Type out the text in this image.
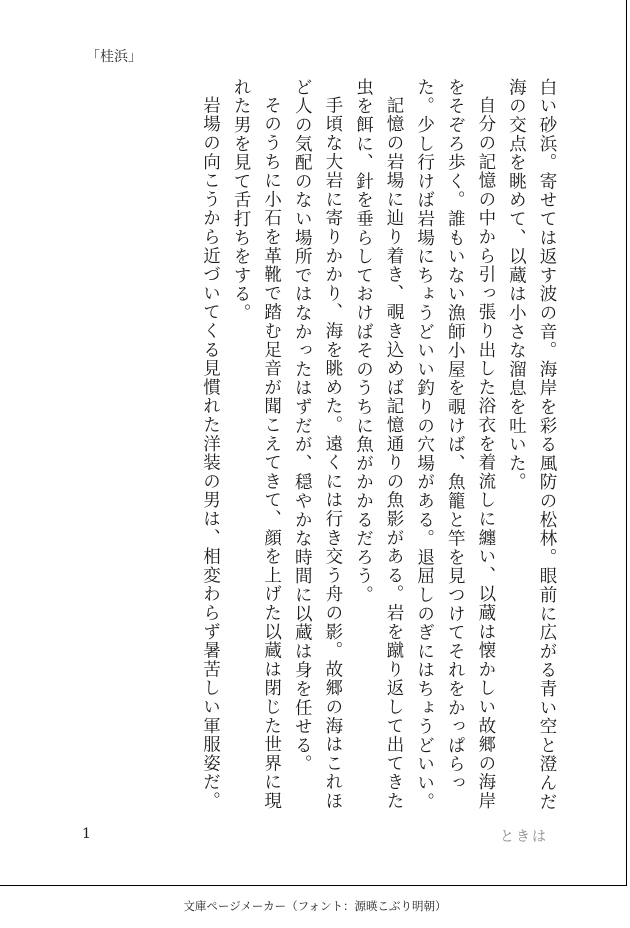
「桂浜」

白い砂浜。寄せては返す波の音。海岸を彩る風防の松林。眼前に広がる青い空と澄んだ海の交点を眺めて、以蔵は小さな溜息を吐いた。

自分の記憶の中から引っ張り出した浴衣を着流しに纏い、以蔵は懐かしい故郷の海岸をそぞろ歩く。誰もいない漁師小屋を覗けば、魚籠と竿を見つけてそれをかっぱらった。少し行けば岩場にちょうどいい釣りの穴場がある。退屈しのぎにはちょうどいい。

記憶の岩場に辿り着き、覗き込めば記憶通りの魚影がある。岩を蹴り返して出てきた虫を餌に、針を垂らしておけばそのうちに魚がかかるだろう。

手頃な大岩に寄りかかり、海を眺めた。遠くには行き交う舟の影。故郷の海はこれほど人の気配のない場所ではなかったはずだが、穏やかな時間に以蔵は身を任せる。

そのうちに小石を革靴で踏む足音が聞こえてきて、顔を上げた以蔵は閉じた世界に現れた男を見て舌打ちをする。

岩場の向こうから近づいてくる見慣れた洋装の男は、相変わらず暑苦しい軍服姿だ。

1	ときは
文庫ページメーカー（フォント：源暎こぶり明朝）
